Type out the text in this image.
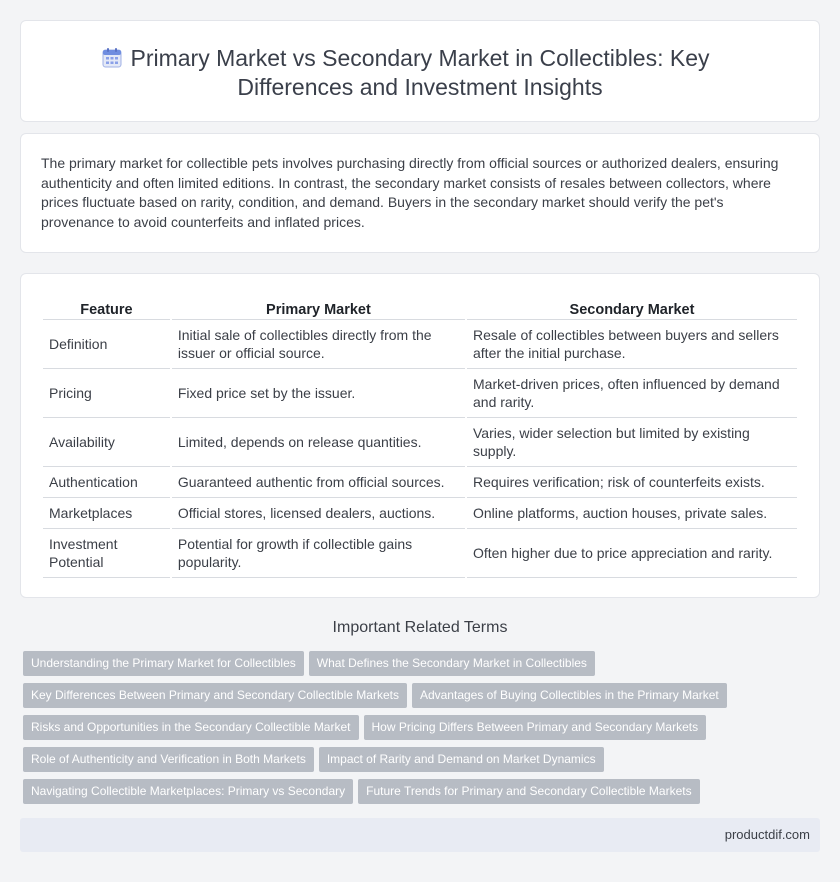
Primary Market vs Secondary Market in Collectibles: Key Differences and Investment Insights

The primary market for collectible pets involves purchasing directly from official sources or authorized dealers, ensuring authenticity and often limited editions. In contrast, the secondary market consists of resales between collectors, where prices fluctuate based on rarity, condition, and demand. Buyers in the secondary market should verify the pet's provenance to avoid counterfeits and inflated prices.

Feature	Primary Market	Secondary Market
Definition	Initial sale of collectibles directly from the issuer or official source.	Resale of collectibles between buyers and sellers after the initial purchase.
Pricing	Fixed price set by the issuer.	Market-driven prices, often influenced by demand and rarity.
Availability	Limited, depends on release quantities.	Varies, wider selection but limited by existing supply.
Authentication	Guaranteed authentic from official sources.	Requires verification; risk of counterfeits exists.
Marketplaces	Official stores, licensed dealers, auctions.	Online platforms, auction houses, private sales.
Investment Potential	Potential for growth if collectible gains popularity.	Often higher due to price appreciation and rarity.
Important Related Terms
Understanding the Primary Market for Collectibles What Defines the Secondary Market in Collectibles
Key Differences Between Primary and Secondary Collectible Markets Advantages of Buying Collectibles in the Primary Market
Risks and Opportunities in the Secondary Collectible Market How Pricing Differs Between Primary and Secondary Markets
Role of Authenticity and Verification in Both Markets Impact of Rarity and Demand on Market Dynamics
Navigating Collectible Marketplaces: Primary vs Secondary Future Trends for Primary and Secondary Collectible Markets
productdif.com
